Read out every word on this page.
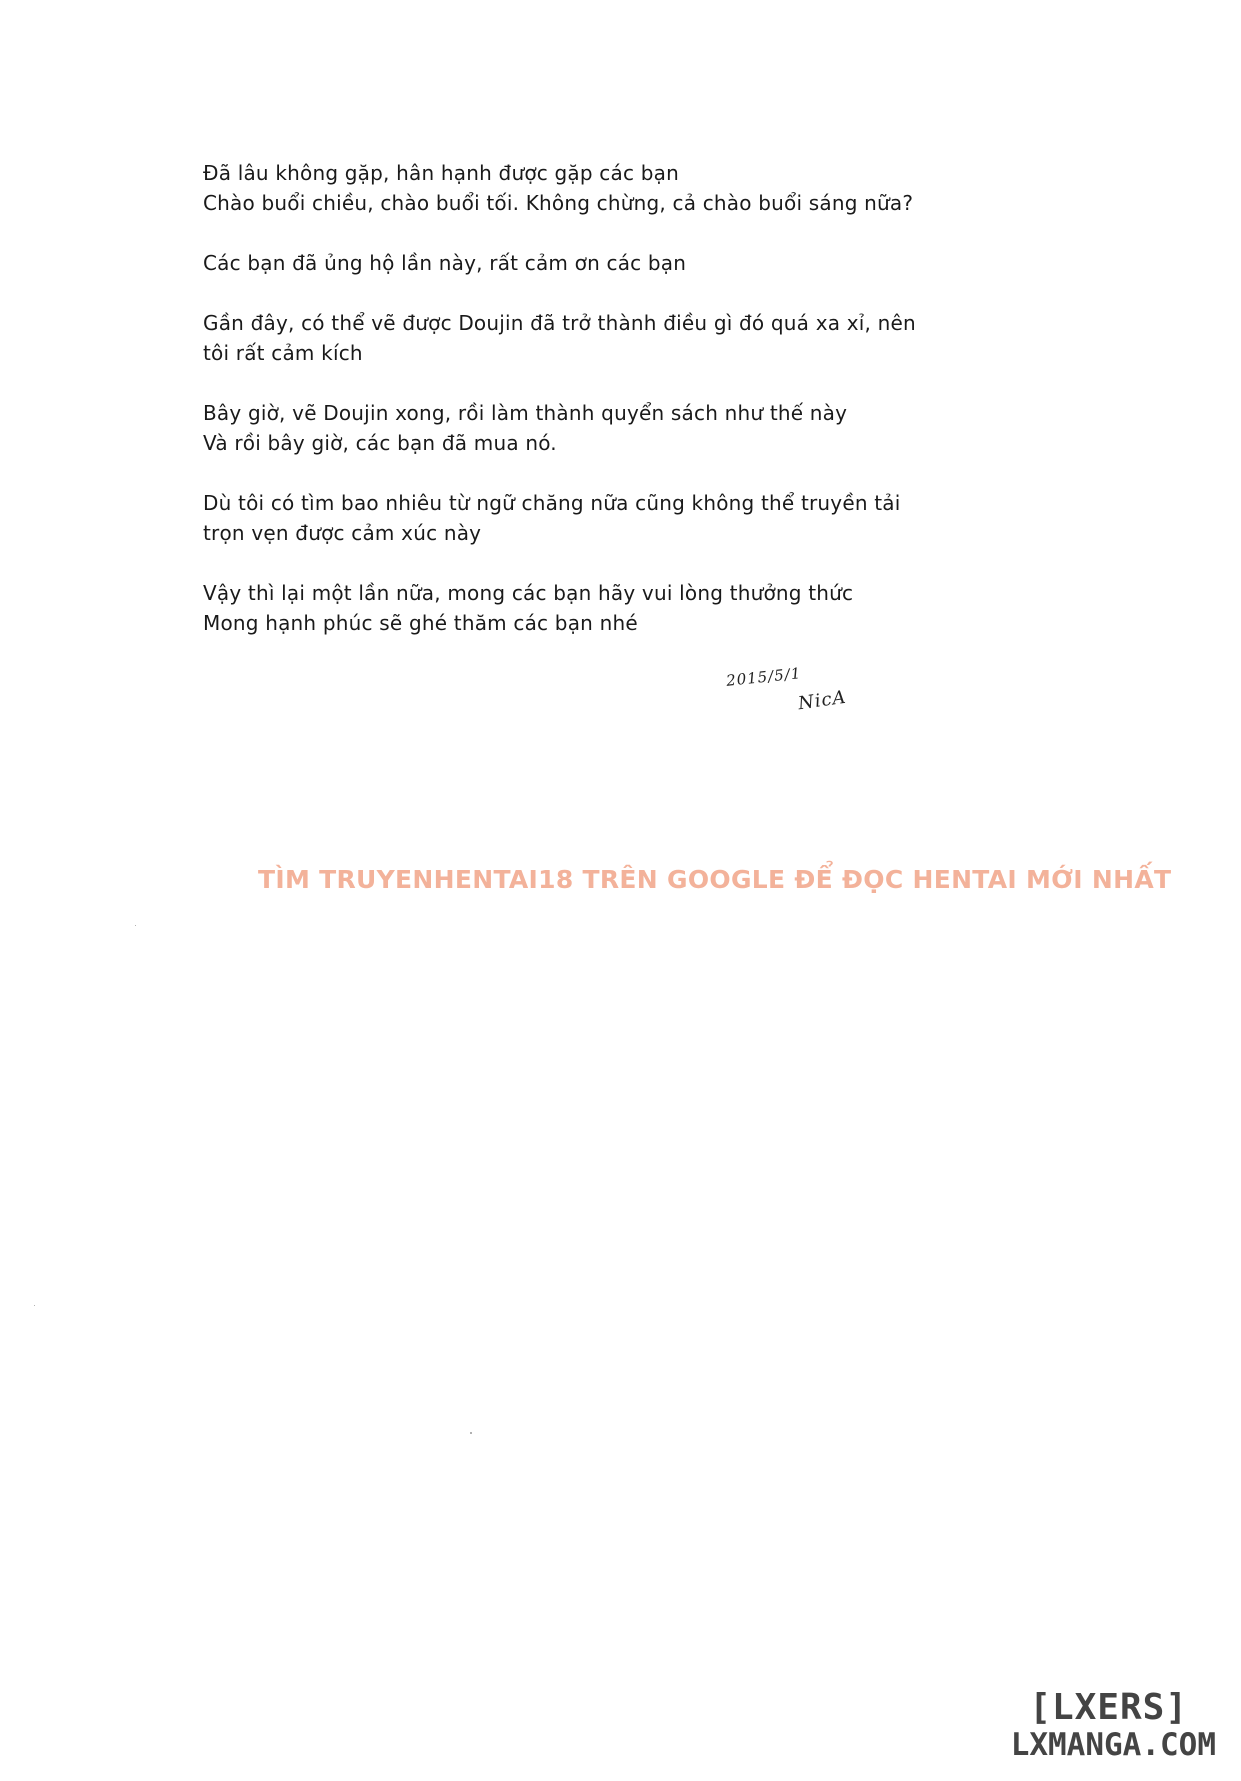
Đã lâu không gặp, hân hạnh được gặp các bạn
Chào buổi chiều, chào buổi tối. Không chừng, cả chào buổi sáng nữa?

Các bạn đã ủng hộ lần này, rất cảm ơn các bạn

Gần đây, có thể vẽ được Doujin đã trở thành điều gì đó quá xa xỉ, nên
tôi rất cảm kích

Bây giờ, vẽ Doujin xong, rồi làm thành quyển sách như thế này
Và rồi bây giờ, các bạn đã mua nó.

Dù tôi có tìm bao nhiêu từ ngữ chăng nữa cũng không thể truyền tải
trọn vẹn được cảm xúc này

Vậy thì lại một lần nữa, mong các bạn hãy vui lòng thưởng thức
Mong hạnh phúc sẽ ghé thăm các bạn nhé

2015/5/1
NicA
TÌM TRUYENHENTAI18 TRÊN GOOGLE ĐỂ ĐỌC HENTAI MỚI NHẤT
[LXERS]
LXMANGA.COM
